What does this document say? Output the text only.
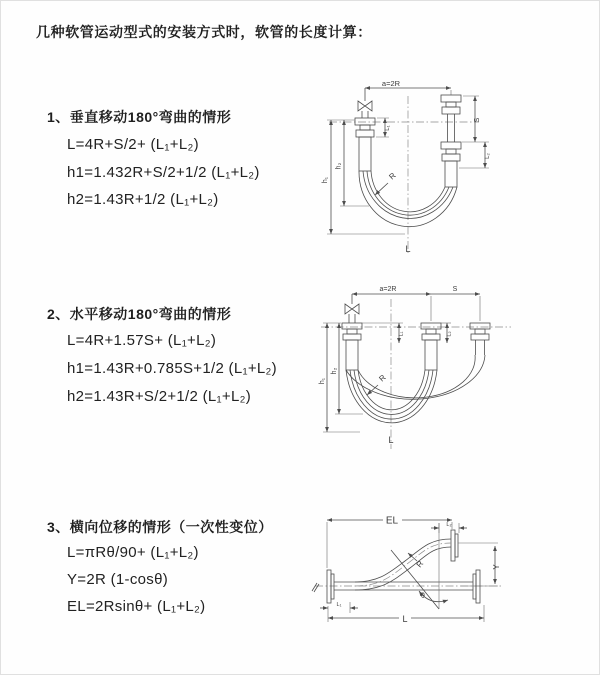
几种软管运动型式的安装方式时，软管的长度计算：
1、垂直移动180°弯曲的情形
L=4R+S/2+ (L₁+L₂)
h1=1.432R+S/2+1/2 (L₁+L₂)
h2=1.43R+1/2 (L₁+L₂)
2、水平移动180°弯曲的情形
L=4R+1.57S+ (L₁+L₂)
h1=1.43R+0.785S+1/2 (L₁+L₂)
h2=1.43R+S/2+1/2 (L₁+L₂)
3、横向位移的情形（一次性变位）
L=πRθ/90+ (L₁+L₂)
Y=2R (1-cosθ)
EL=2Rsinθ+ (L₁+L₂)
a=2R
R
L
h₁
h₂
L₁
S
L₂
a=2R	S
R
h₁
h₂
L₁	L₂
L
EL	L₂
Y
R
θ
L
L₁
